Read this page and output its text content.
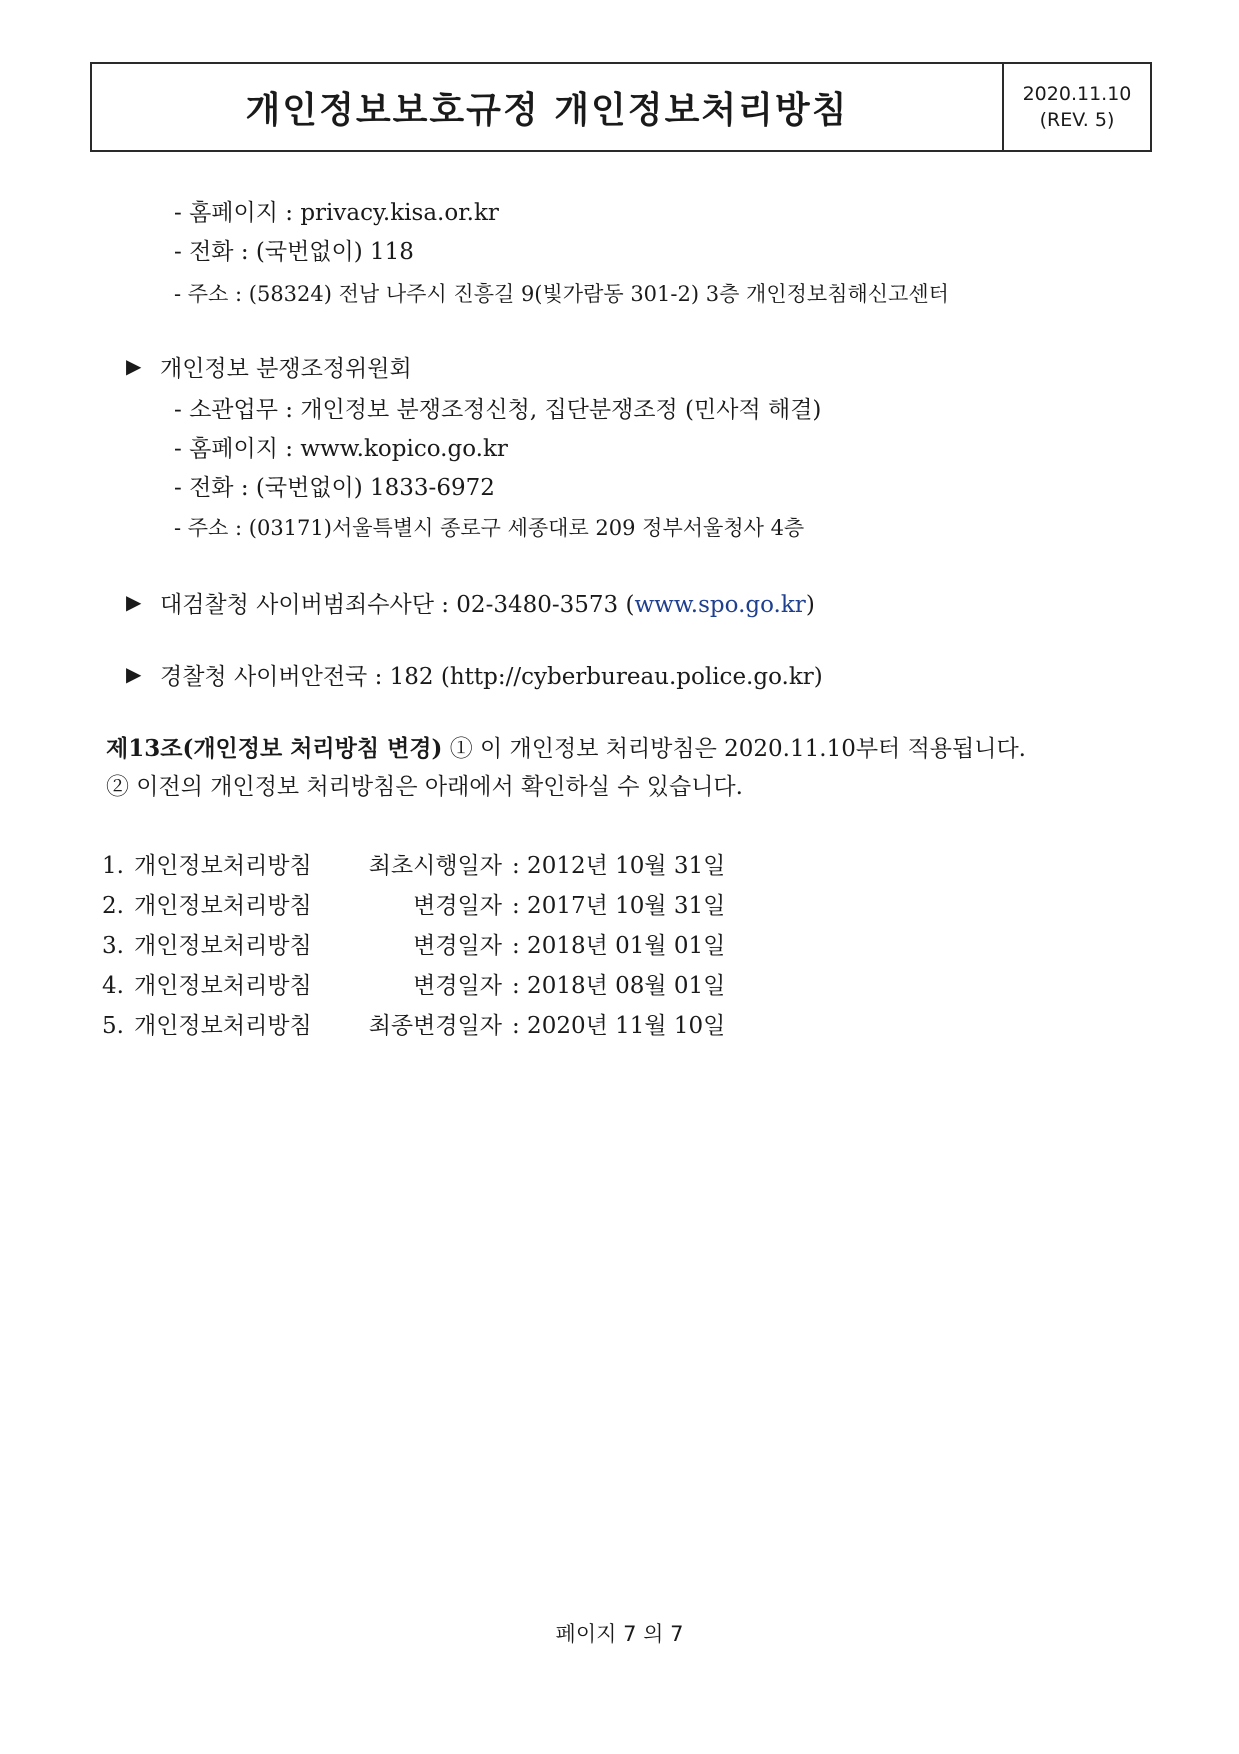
개인정보보호규정 개인정보처리방침	2020.11.10
(REV. 5)
- 홈페이지 : privacy.kisa.or.kr
- 전화 : (국번없이) 118
- 주소 : (58324) 전남 나주시 진흥길 9(빛가람동 301-2) 3층 개인정보침해신고센터
▶ 개인정보 분쟁조정위원회
- 소관업무 : 개인정보 분쟁조정신청, 집단분쟁조정 (민사적 해결)
- 홈페이지 : www.kopico.go.kr
- 전화 : (국번없이) 1833-6972
- 주소 : (03171)서울특별시 종로구 세종대로 209 정부서울청사 4층
▶ 대검찰청 사이버범죄수사단 : 02-3480-3573 (www.spo.go.kr)
▶ 경찰청 사이버안전국 : 182 (http://cyberbureau.police.go.kr)
제13조(개인정보 처리방침 변경) ① 이 개인정보 처리방침은 2020.11.10부터 적용됩니다.
② 이전의 개인정보 처리방침은 아래에서 확인하실 수 있습니다.
1. 개인정보처리방침 최초시행일자 : 2012년 10월 31일
2. 개인정보처리방침	변경일자 : 2017년 10월 31일
3. 개인정보처리방침	변경일자 : 2018년 01월 01일
4. 개인정보처리방침	변경일자 : 2018년 08월 01일
5. 개인정보처리방침 최종변경일자 : 2020년 11월 10일
페이지 7 의 7
